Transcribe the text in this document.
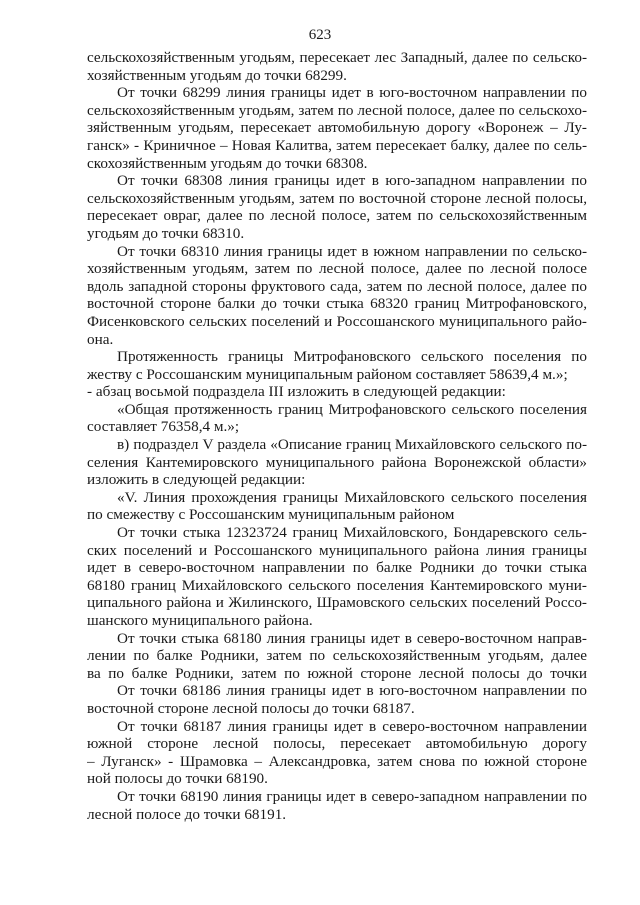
623
сельскохозяйственным угодьям, пересекает лес Западный, далее по сельско-
хозяйственным угодьям до точки 68299.
От точки 68299 линия границы идет в юго-восточном направлении по
сельскохозяйственным угодьям, затем по лесной полосе, далее по сельскохо-
зяйственным угодьям, пересекает автомобильную дорогу «Воронеж – Лу-
ганск» - Криничное – Новая Калитва, затем пересекает балку, далее по сель-
скохозяйственным угодьям до точки 68308.
От точки 68308 линия границы идет в юго-западном направлении по
сельскохозяйственным угодьям, затем по восточной стороне лесной полосы,
пересекает овраг, далее по лесной полосе, затем по сельскохозяйственным
угодьям до точки 68310.
От точки 68310 линия границы идет в южном направлении по сельско-
хозяйственным угодьям, затем по лесной полосе, далее по лесной полосе
вдоль западной стороны фруктового сада, затем по лесной полосе, далее по
восточной стороне балки до точки стыка 68320 границ Митрофановского,
Фисенковского сельских поселений и Россошанского муниципального райо-
она.
Протяженность границы Митрофановского сельского поселения по
жеству с Россошанским муниципальным районом составляет 58639,4 м.»;
- абзац восьмой подраздела III изложить в следующей редакции:
«Общая протяженность границ Митрофановского сельского поселения
составляет 76358,4 м.»;
в) подраздел V раздела «Описание границ Михайловского сельского по-
селения Кантемировского муниципального района Воронежской области»
изложить в следующей редакции:
«V. Линия прохождения границы Михайловского сельского поселения
по смежеству с Россошанским муниципальным районом
От точки стыка 12323724 границ Михайловского, Бондаревского сель-
ских поселений и Россошанского муниципального района линия границы
идет в северо-восточном направлении по балке Родники до точки стыка
68180 границ Михайловского сельского поселения Кантемировского муни-
ципального района и Жилинского, Шрамовского сельских поселений Россо-
шанского муниципального района.
От точки стыка 68180 линия границы идет в северо-восточном направ-
лении по балке Родники, затем по сельскохозяйственным угодьям, далее
ва по балке Родники, затем по южной стороне лесной полосы до точки
От точки 68186 линия границы идет в юго-восточном направлении по
восточной стороне лесной полосы до точки 68187.
От точки 68187 линия границы идет в северо-восточном направлении
южной стороне лесной полосы, пересекает автомобильную дорогу
– Луганск» - Шрамовка – Александровка, затем снова по южной стороне
ной полосы до точки 68190.
От точки 68190 линия границы идет в северо-западном направлении по
лесной полосе до точки 68191.
